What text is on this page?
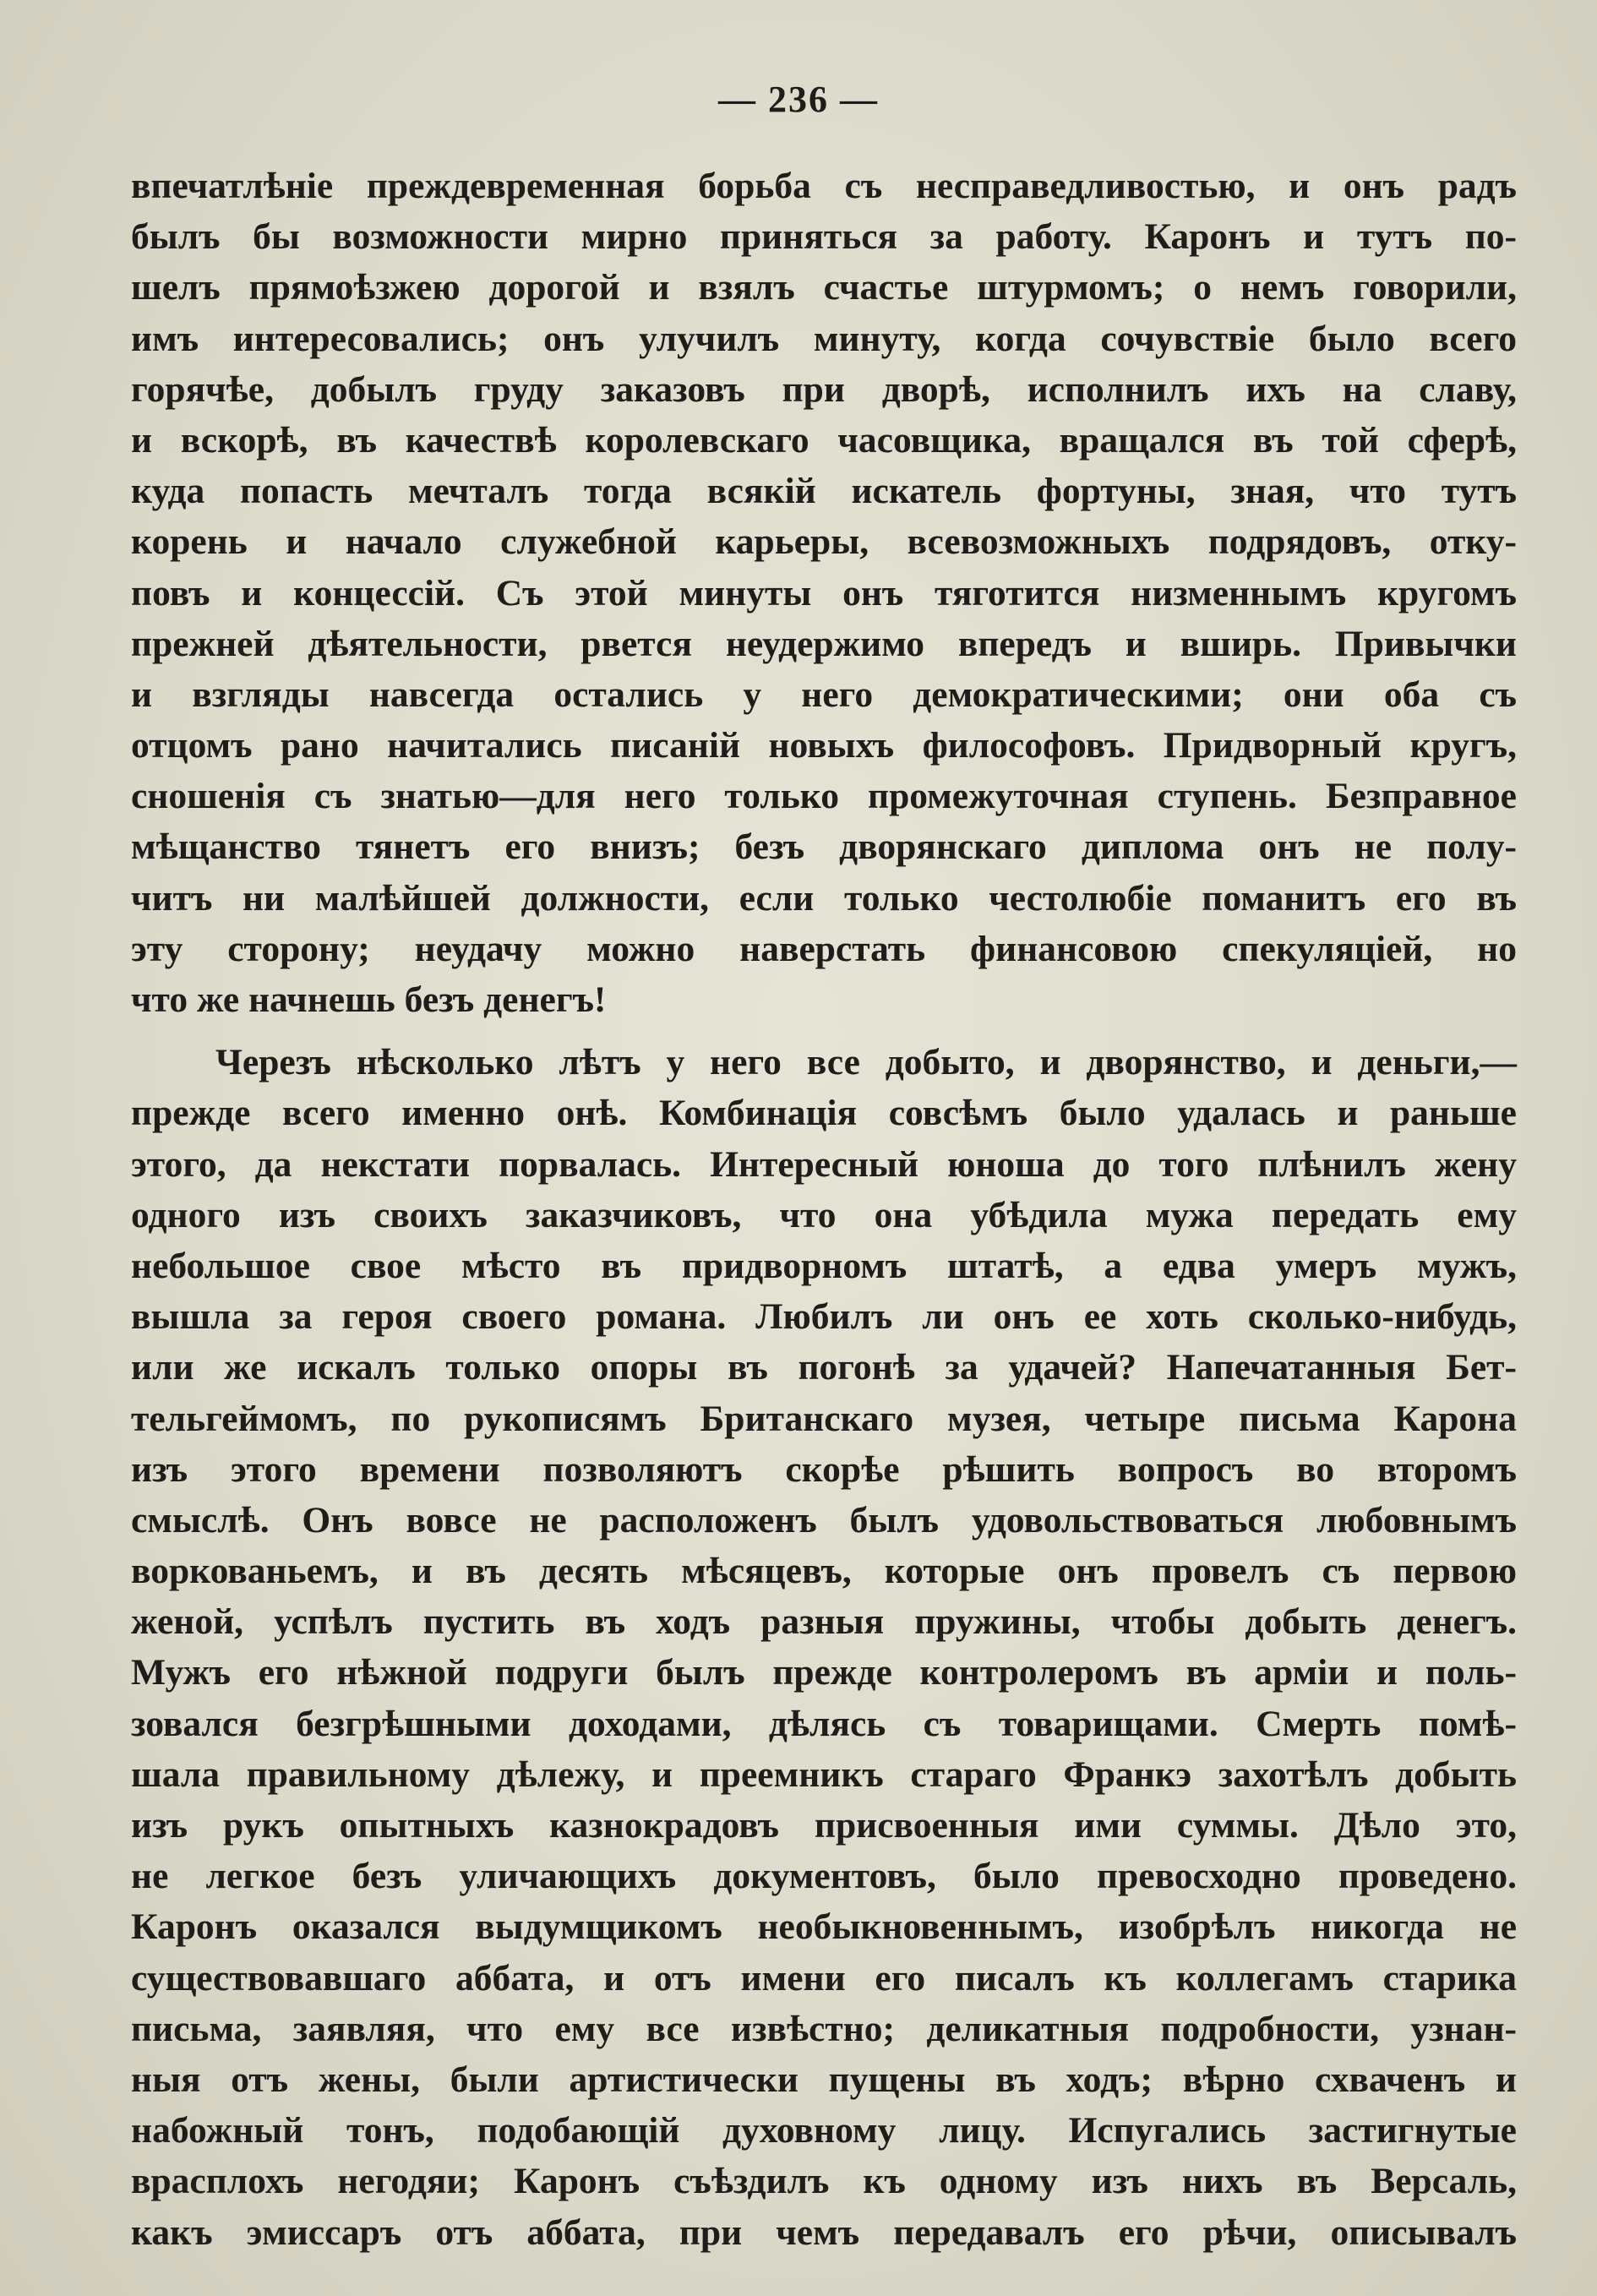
— 236 —
впечатлѣніе преждевременная борьба съ несправедливостью, и онъ радъ
былъ бы возможности мирно приняться за работу. Каронъ и тутъ по-
шелъ прямоѣзжею дорогой и взялъ счастье штурмомъ; о немъ говорили,
имъ интересовались; онъ улучилъ минуту, когда сочувствіе было всего
горячѣе, добылъ груду заказовъ при дворѣ, исполнилъ ихъ на славу,
и вскорѣ, въ качествѣ королевскаго часовщика, вращался въ той сферѣ,
куда попасть мечталъ тогда всякій искатель фортуны, зная, что тутъ
корень и начало служебной карьеры, всевозможныхъ подрядовъ, отку-
повъ и концессій. Съ этой минуты онъ тяготится низменнымъ кругомъ
прежней дѣятельности, рвется неудержимо впередъ и вширь. Привычки
и взгляды навсегда остались у него демократическими; они оба съ
отцомъ рано начитались писаній новыхъ философовъ. Придворный кругъ,
сношенія съ знатью—для него только промежуточная ступень. Безправное
мѣщанство тянетъ его внизъ; безъ дворянскаго диплома онъ не полу-
читъ ни малѣйшей должности, если только честолюбіе поманитъ его въ
эту сторону; неудачу можно наверстать финансовою спекуляціей, но
что же начнешь безъ денегъ!
Черезъ нѣсколько лѣтъ у него все добыто, и дворянство, и деньги,—
прежде всего именно онѣ. Комбинація совсѣмъ было удалась и раньше
этого, да некстати порвалась. Интересный юноша до того плѣнилъ жену
одного изъ своихъ заказчиковъ, что она убѣдила мужа передать ему
небольшое свое мѣсто въ придворномъ штатѣ, а едва умеръ мужъ,
вышла за героя своего романа. Любилъ ли онъ ее хоть сколько-нибудь,
или же искалъ только опоры въ погонѣ за удачей? Напечатанныя Бет-
тельгеймомъ, по рукописямъ Британскаго музея, четыре письма Карона
изъ этого времени позволяютъ скорѣе рѣшить вопросъ во второмъ
смыслѣ. Онъ вовсе не расположенъ былъ удовольствоваться любовнымъ
воркованьемъ, и въ десять мѣсяцевъ, которые онъ провелъ съ первою
женой, успѣлъ пустить въ ходъ разныя пружины, чтобы добыть денегъ.
Мужъ его нѣжной подруги былъ прежде контролеромъ въ арміи и поль-
зовался безгрѣшными доходами, дѣлясь съ товарищами. Смерть помѣ-
шала правильному дѣлежу, и преемникъ стараго Франкэ захотѣлъ добыть
изъ рукъ опытныхъ казнокрадовъ присвоенныя ими суммы. Дѣло это,
не легкое безъ уличающихъ документовъ, было превосходно проведено.
Каронъ оказался выдумщикомъ необыкновеннымъ, изобрѣлъ никогда не
существовавшаго аббата, и отъ имени его писалъ къ коллегамъ старика
письма, заявляя, что ему все извѣстно; деликатныя подробности, узнан-
ныя отъ жены, были артистически пущены въ ходъ; вѣрно схваченъ и
набожный тонъ, подобающій духовному лицу. Испугались застигнутые
врасплохъ негодяи; Каронъ съѣздилъ къ одному изъ нихъ въ Версаль,
какъ эмиссаръ отъ аббата, при чемъ передавалъ его рѣчи, описывалъ
